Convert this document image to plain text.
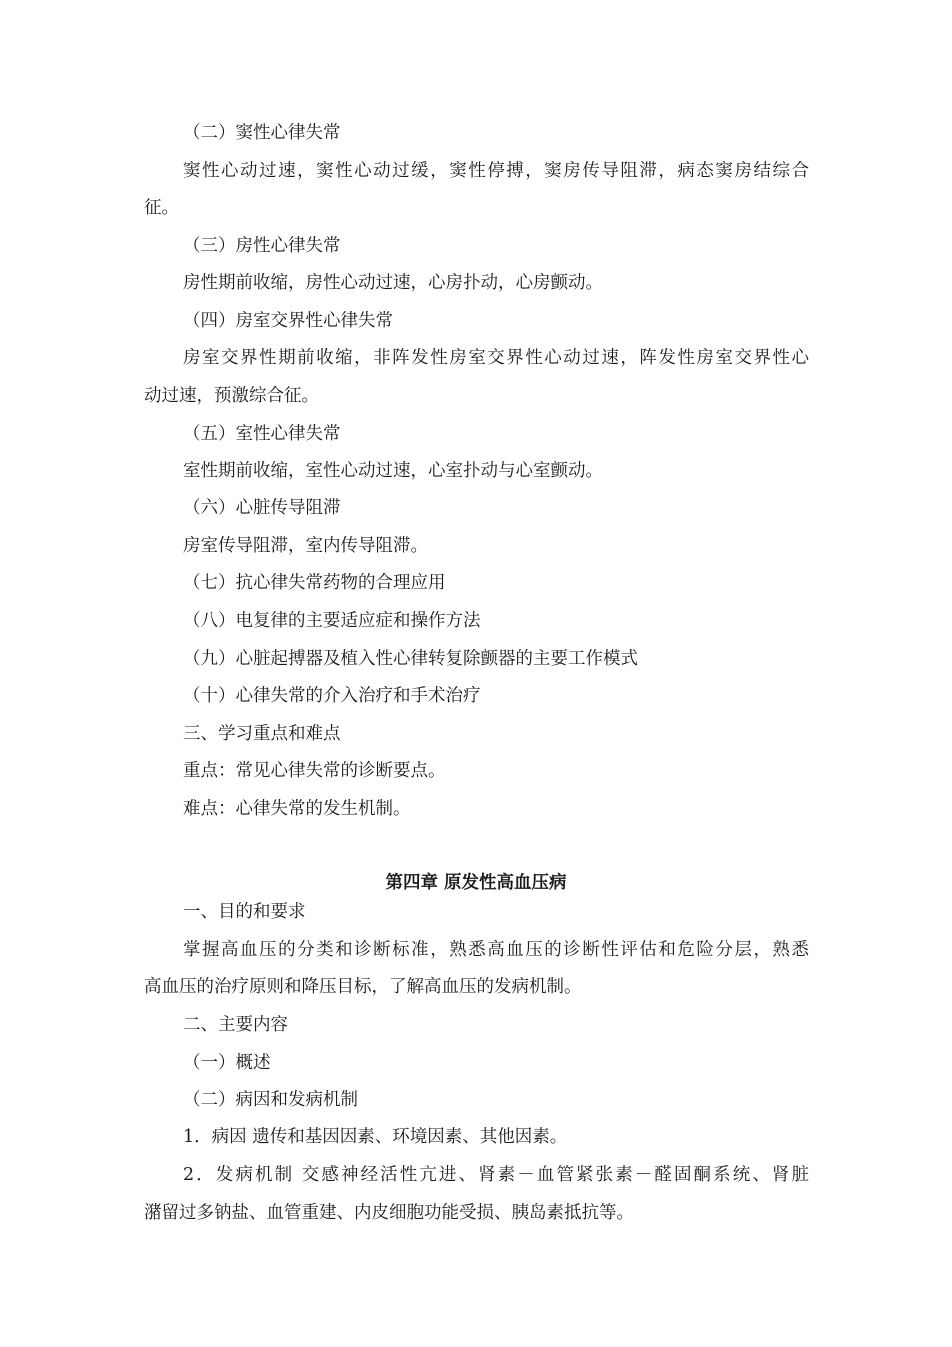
（二）窦性心律失常
窦性心动过速，窦性心动过缓，窦性停搏，窦房传导阻滞，病态窦房结综合
征。
（三）房性心律失常
房性期前收缩，房性心动过速，心房扑动，心房颤动。
（四）房室交界性心律失常
房室交界性期前收缩，非阵发性房室交界性心动过速，阵发性房室交界性心
动过速，预激综合征。
（五）室性心律失常
室性期前收缩，室性心动过速，心室扑动与心室颤动。
（六）心脏传导阻滞
房室传导阻滞，室内传导阻滞。
（七）抗心律失常药物的合理应用
（八）电复律的主要适应症和操作方法
（九）心脏起搏器及植入性心律转复除颤器的主要工作模式
（十）心律失常的介入治疗和手术治疗
三、学习重点和难点
重点：常见心律失常的诊断要点。
难点：心律失常的发生机制。
第四章 原发性高血压病
一、目的和要求
掌握高血压的分类和诊断标准，熟悉高血压的诊断性评估和危险分层，熟悉
高血压的治疗原则和降压目标，了解高血压的发病机制。
二、主要内容
（一）概述
（二）病因和发病机制
1．病因 遗传和基因因素、环境因素、其他因素。
2．发病机制 交感神经活性亢进、肾素－血管紧张素－醛固酮系统、肾脏
潴留过多钠盐、血管重建、内皮细胞功能受损、胰岛素抵抗等。
